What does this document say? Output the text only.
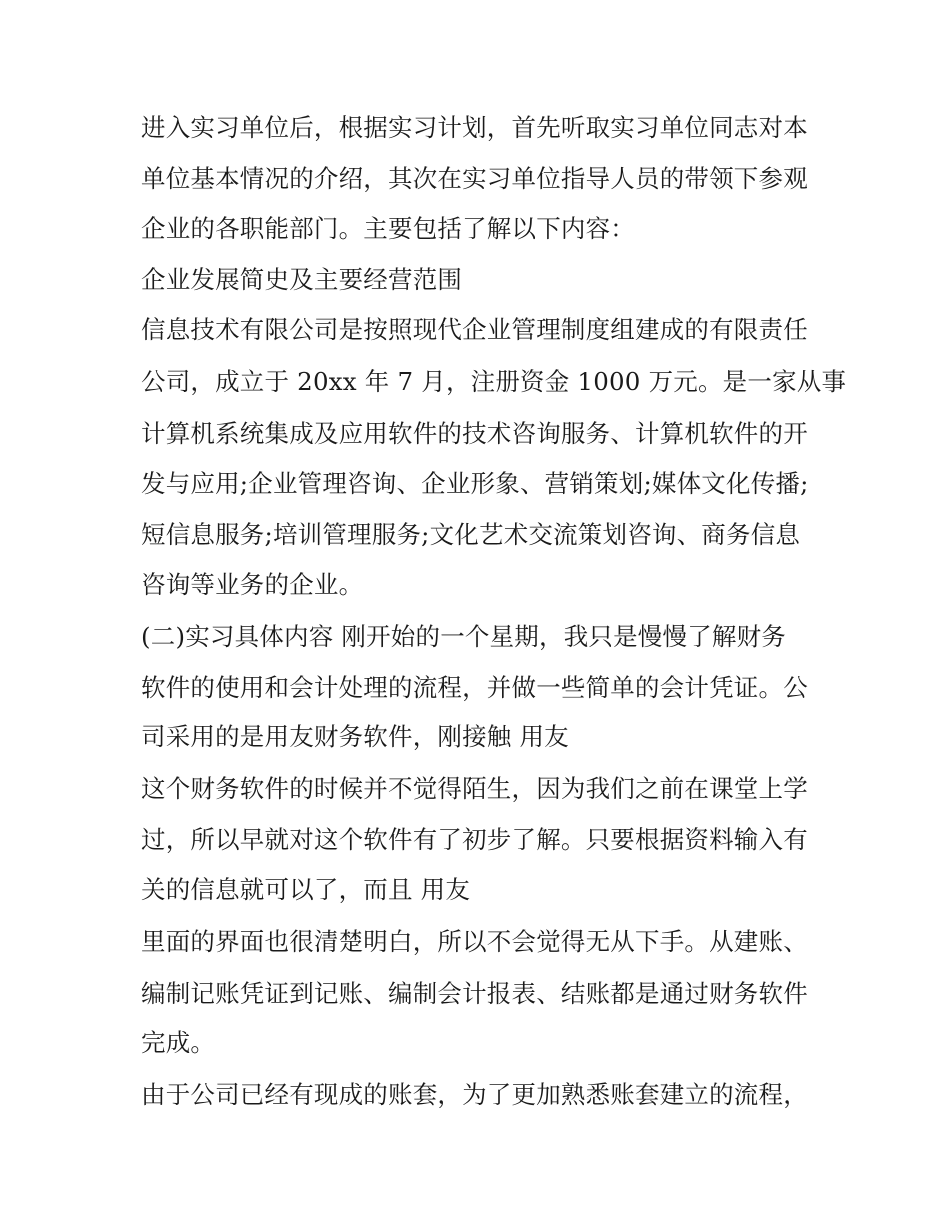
进入实习单位后，根据实习计划，首先听取实习单位同志对本
单位基本情况的介绍，其次在实习单位指导人员的带领下参观
企业的各职能部门。主要包括了解以下内容：
企业发展简史及主要经营范围
信息技术有限公司是按照现代企业管理制度组建成的有限责任
公司，成立于 20xx 年 7 月，注册资金 1000 万元。是一家从事
计算机系统集成及应用软件的技术咨询服务、计算机软件的开
发与应用;企业管理咨询、企业形象、营销策划;媒体文化传播;
短信息服务;培训管理服务;文化艺术交流策划咨询、商务信息
咨询等业务的企业。
(二)实习具体内容 刚开始的一个星期，我只是慢慢了解财务
软件的使用和会计处理的流程，并做一些简单的会计凭证。公
司采用的是用友财务软件，刚接触 用友
这个财务软件的时候并不觉得陌生，因为我们之前在课堂上学
过，所以早就对这个软件有了初步了解。只要根据资料输入有
关的信息就可以了，而且 用友
里面的界面也很清楚明白，所以不会觉得无从下手。从建账、
编制记账凭证到记账、编制会计报表、结账都是通过财务软件
完成。
由于公司已经有现成的账套，为了更加熟悉账套建立的流程，
